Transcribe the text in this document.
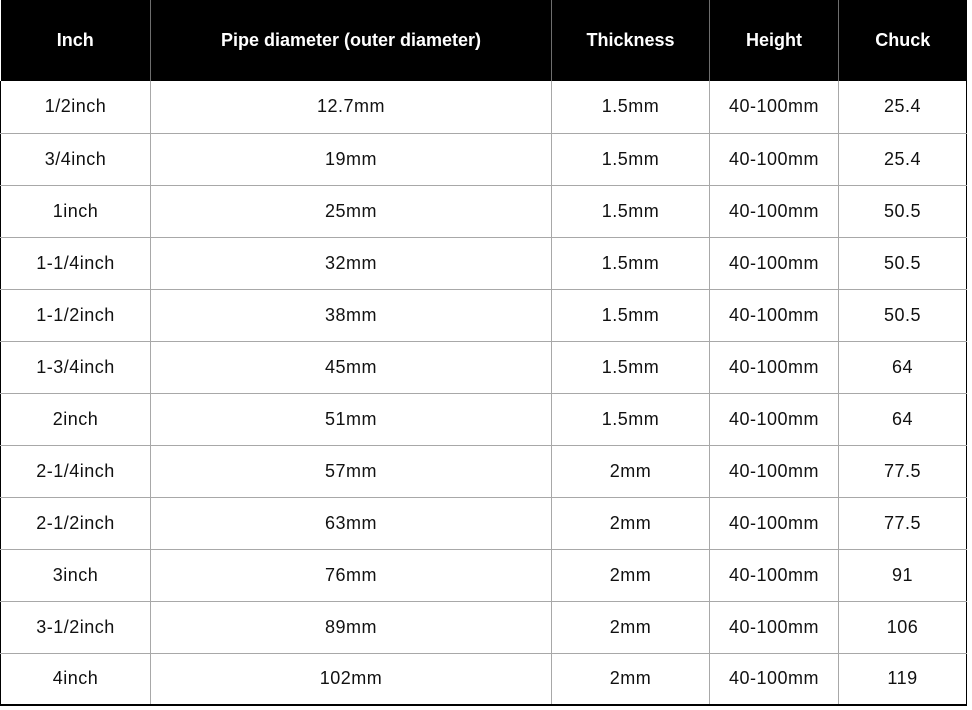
Inch	Pipe diameter (outer diameter)	Thickness	Height	Chuck
1/2inch	12.7mm	1.5mm	40-100mm	25.4
3/4inch	19mm	1.5mm	40-100mm	25.4
1inch	25mm	1.5mm	40-100mm	50.5
1-1/4inch	32mm	1.5mm	40-100mm	50.5
1-1/2inch	38mm	1.5mm	40-100mm	50.5
1-3/4inch	45mm	1.5mm	40-100mm	64
2inch	51mm	1.5mm	40-100mm	64
2-1/4inch	57mm	2mm	40-100mm	77.5
2-1/2inch	63mm	2mm	40-100mm	77.5
3inch	76mm	2mm	40-100mm	91
3-1/2inch	89mm	2mm	40-100mm	106
4inch	102mm	2mm	40-100mm	119
